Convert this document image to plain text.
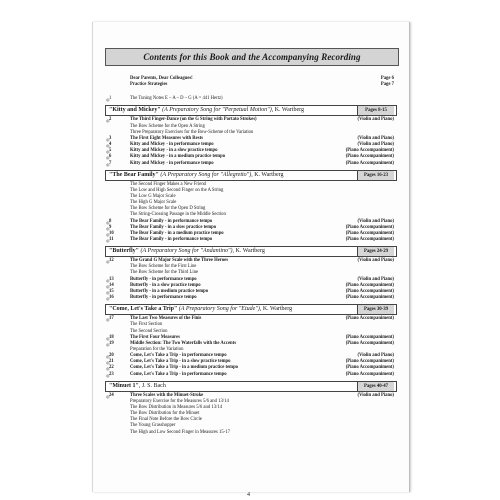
Contents for this Book and the Accompanying Recording
Dear Parents, Dear Colleagues!	Page 6
Practice Strategies	Page 7
◎ 1	The Tuning Notes E – A – D – G (A = 441 Hertz)
"Kitty and Mickey" (A Preparatory Song for "Perpetual Motion"), K. Wartberg	Pages 8-15
◎ 2	The Third Finger-Dance (on the G String with Portato Strokes)	(Violin and Piano)
The Bow Scheme for the Open A String
Three Preparatory Exercises for the Bow-Scheme of the Variation
◎ 3	The First Eight Measures with Rests	(Violin and Piano)
◎ 4	Kitty and Mickey - in performance tempo	(Violin and Piano)
◎ 5	Kitty and Mickey - in a slow practice tempo	(Piano Accompaniment)
◎ 6	Kitty and Mickey - in a medium practice tempo	(Piano Accompaniment)
◎ 7	Kitty and Mickey - in performance tempo	(Piano Accompaniment)
"The Bear Family" (A Preparatory Song for "Allegretto"), K. Wartberg	Pages 16-23
The Second Finger Makes a New Friend
The Low and High Second Finger on the A String
The Low G Major Scale
The High G Major Scale
The Bow Scheme for the Open D String
The String-Crossing Passage in the Middle Section
◎ 8	The Bear Family - in performance tempo	(Violin and Piano)
◎ 9	The Bear Family - in a slow practice tempo	(Piano Accompaniment)
◎ 10	The Bear Family - in a medium practice tempo	(Piano Accompaniment)
◎ 11	The Bear Family - in performance tempo	(Piano Accompaniment)
"Butterfly" (A Preparatory Song for "Andantino"), K. Wartberg	Pages 24-29
◎ 12	The Grand G Major Scale with the Three Heroes	(Violin and Piano)
The Bow Scheme for the First Line
The Bow Scheme for the Third Line
◎ 13	Butterfly - in performance tempo	(Violin and Piano)
◎ 14	Butterfly - in a slow practice tempo	(Piano Accompaniment)
◎ 15	Butterfly - in a medium practice tempo	(Piano Accompaniment)
◎ 16	Butterfly - in performance tempo	(Piano Accompaniment)
"Come, Let's Take a Trip" (A Preparatory Song for "Etude"), K. Wartberg	Pages 30-39
◎ 17	The Last Two Measures of the Finis	(Piano Accompaniment)
The First Section
The Second Section
◎ 18	The First Four Measures	(Piano Accompaniment)
◎ 19	Middle Section: The Two Waterfalls with the Accents	(Piano Accompaniment)
Preparation for the Variation
◎ 20	Come, Let's Take a Trip - in performance tempo	(Violin and Piano)
◎ 21	Come, Let's Take a Trip - in a slow practice tempo	(Piano Accompaniment)
◎ 22	Come, Let's Take a Trip - in a medium practice tempo	(Piano Accompaniment)
◎ 23	Come, Let's Take a Trip - in performance tempo	(Piano Accompaniment)
"Minuet 1", J. S. Bach	Pages 40-47
◎ 24	Three Scales with the Minuet-Stroke	(Violin and Piano)
Preparatory Exercise for the Measures 5/6 and 13/14
The Bow Distribution in Measures 5/6 and 13/14
The Bow Distribution for the Minuet
The Final Note Before the Bow Circle
The Young Grasshopper
The High and Low Second Finger in Measures 15-17
4
